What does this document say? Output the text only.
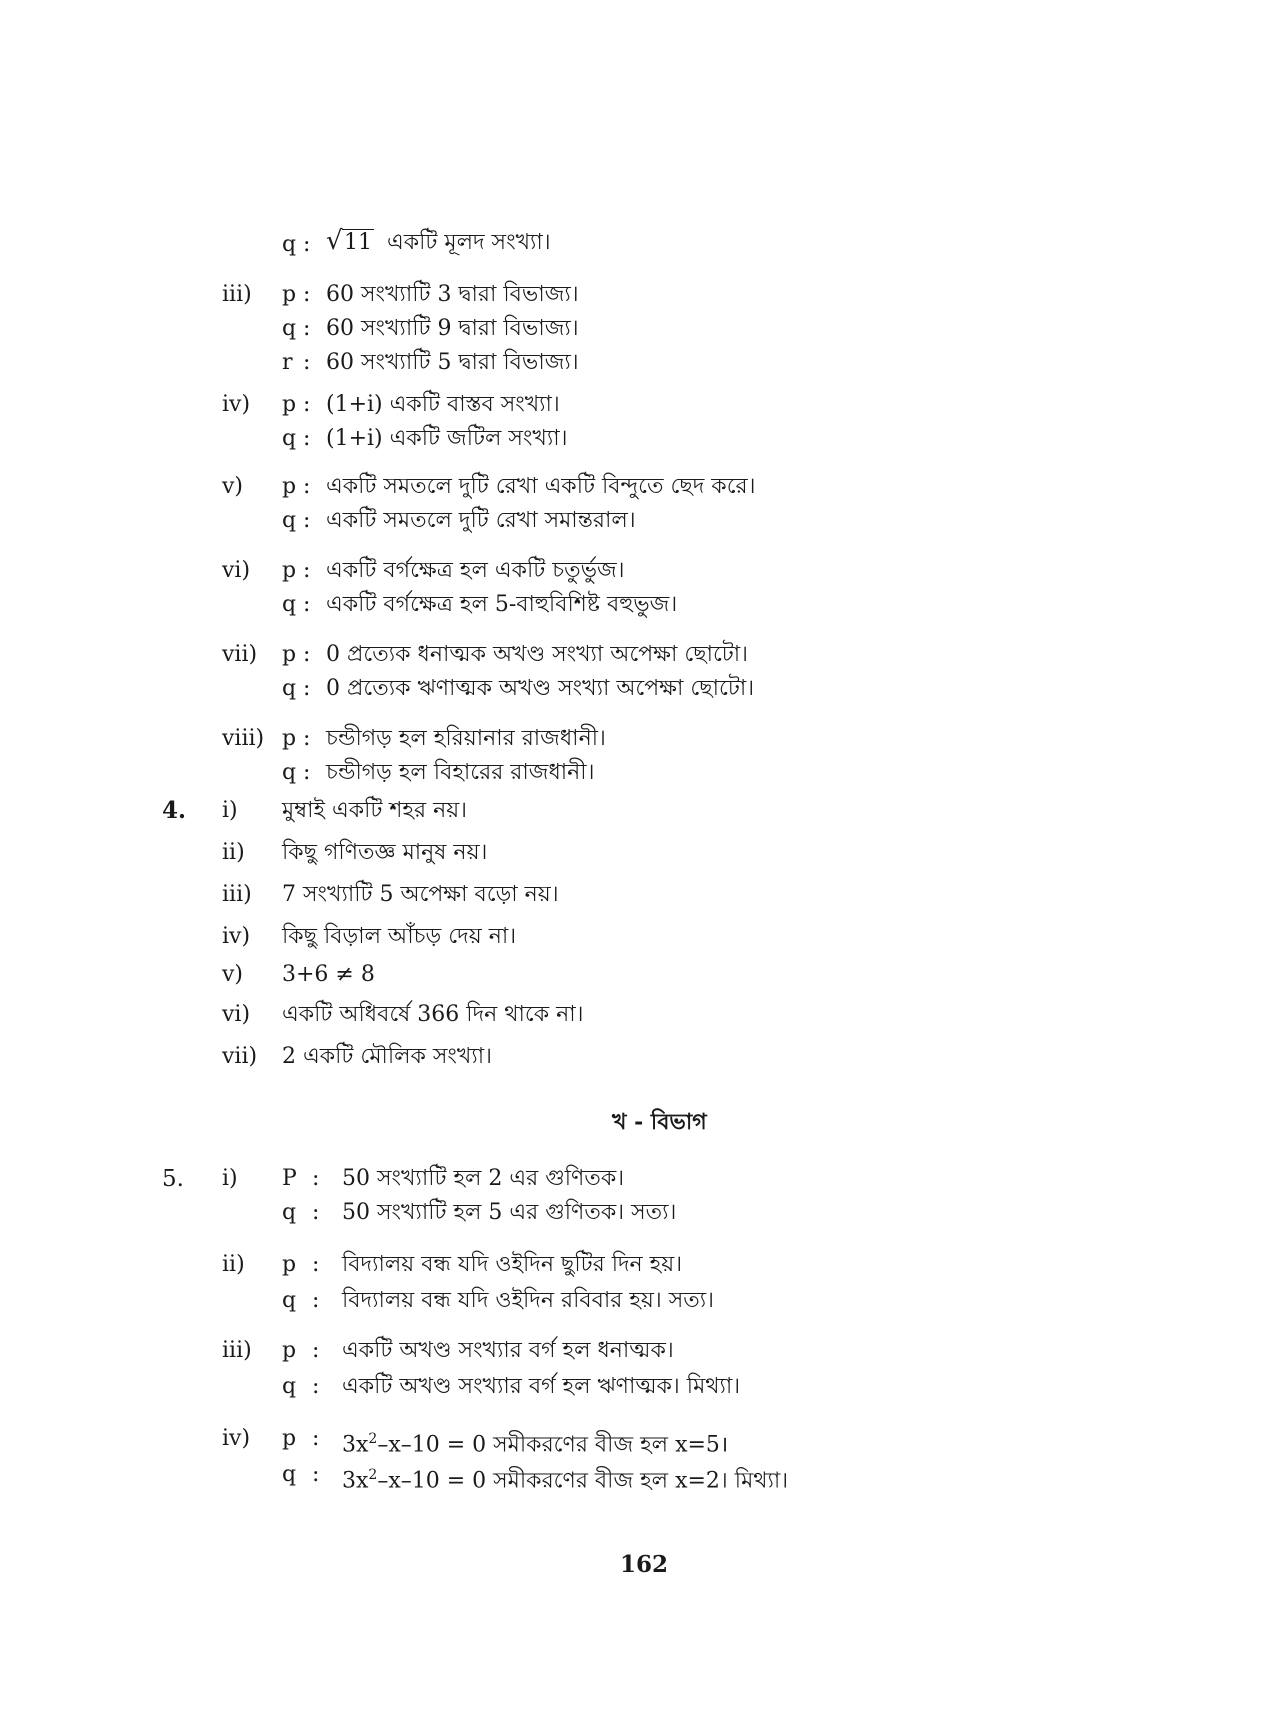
q : √ 11 একটি মূলদ সংখ্যা।
iii) p : 60 সংখ্যাটি 3 দ্বারা বিভাজ্য।
q : 60 সংখ্যাটি 9 দ্বারা বিভাজ্য।
r : 60 সংখ্যাটি 5 দ্বারা বিভাজ্য।
iv) p : (1+i) একটি বাস্তব সংখ্যা।
q : (1+i) একটি জটিল সংখ্যা।
v) p : একটি সমতলে দুটি রেখা একটি বিন্দুতে ছেদ করে।
q : একটি সমতলে দুটি রেখা সমান্তরাল।
vi) p : একটি বর্গক্ষেত্র হল একটি চতুর্ভুজ।
q : একটি বর্গক্ষেত্র হল 5-বাহুবিশিষ্ট বহুভুজ।
vii) p : 0 প্রত্যেক ধনাত্মক অখণ্ড সংখ্যা অপেক্ষা ছোটো।
q : 0 প্রত্যেক ঋণাত্মক অখণ্ড সংখ্যা অপেক্ষা ছোটো।
viii) p : চন্ডীগড় হল হরিয়ানার রাজধানী।
q : চন্ডীগড় হল বিহারের রাজধানী।
4. i) মুম্বাই একটি শহর নয়।
ii) কিছু গণিতজ্ঞ মানুষ নয়।
iii) 7 সংখ্যাটি 5 অপেক্ষা বড়ো নয়।
iv) কিছু বিড়াল আঁচড় দেয় না।
v) 3+6 ≠ 8
vi) একটি অধিবর্ষে 366 দিন থাকে না।
vii) 2 একটি মৌলিক সংখ্যা।
খ - বিভাগ
5. i) P : 50 সংখ্যাটি হল 2 এর গুণিতক।
q : 50 সংখ্যাটি হল 5 এর গুণিতক। সত্য।
ii) p : বিদ্যালয় বন্ধ যদি ওইদিন ছুটির দিন হয়।
q : বিদ্যালয় বন্ধ যদি ওইদিন রবিবার হয়। সত্য।
iii) p : একটি অখণ্ড সংখ্যার বর্গ হল ধনাত্মক।
q : একটি অখণ্ড সংখ্যার বর্গ হল ঋণাত্মক। মিথ্যা।
iv) p : $3x^2-x-10 = 0$ সমীকরণের বীজ হল x=5।
q : $3x^2-x-10 = 0$ সমীকরণের বীজ হল x=2। মিথ্যা।
162
